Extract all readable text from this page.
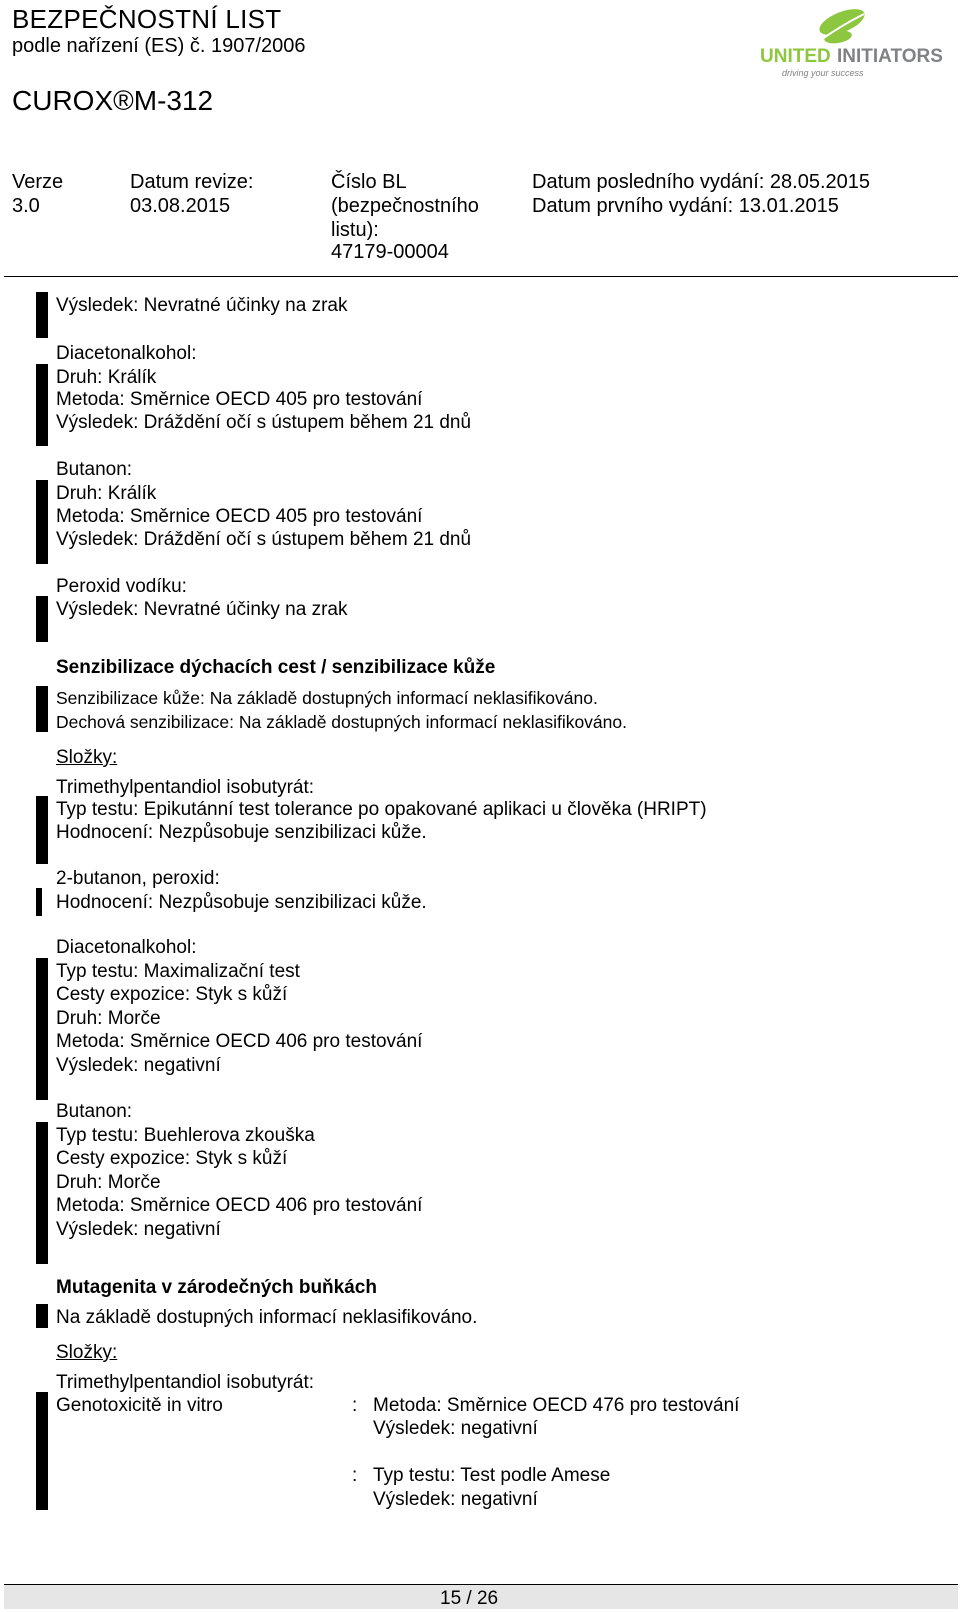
BEZPEČNOSTNÍ LIST
podle nařízení (ES) č. 1907/2006
CUROX®M-312
Verze
3.0
Datum revize:
03.08.2015
Číslo BL
(bezpečnostního
listu):
47179-00004
Datum posledního vydání: 28.05.2015
Datum prvního vydání: 13.01.2015
UNITED INITIATORS
driving your success
Výsledek: Nevratné účinky na zrak
Diacetonalkohol:
Druh: Králík
Metoda: Směrnice OECD 405 pro testování
Výsledek: Dráždění očí s ústupem během 21 dnů
Butanon:
Druh: Králík
Metoda: Směrnice OECD 405 pro testování
Výsledek: Dráždění očí s ústupem během 21 dnů
Peroxid vodíku:
Výsledek: Nevratné účinky na zrak
Senzibilizace dýchacích cest / senzibilizace kůže
Senzibilizace kůže: Na základě dostupných informací neklasifikováno.
Dechová senzibilizace: Na základě dostupných informací neklasifikováno.
Složky:
Trimethylpentandiol isobutyrát:
Typ testu: Epikutánní test tolerance po opakované aplikaci u člověka (HRIPT)
Hodnocení: Nezpůsobuje senzibilizaci kůže.
2-butanon, peroxid:
Hodnocení: Nezpůsobuje senzibilizaci kůže.
Diacetonalkohol:
Typ testu: Maximalizační test
Cesty expozice: Styk s kůží
Druh: Morče
Metoda: Směrnice OECD 406 pro testování
Výsledek: negativní
Butanon:
Typ testu: Buehlerova zkouška
Cesty expozice: Styk s kůží
Druh: Morče
Metoda: Směrnice OECD 406 pro testování
Výsledek: negativní
Mutagenita v zárodečných buňkách
Na základě dostupných informací neklasifikováno.
Složky:
Trimethylpentandiol isobutyrát:
Genotoxicitě in vitro	: Metoda: Směrnice OECD 476 pro testování
Výsledek: negativní
: Typ testu: Test podle Amese
Výsledek: negativní
15 / 26
